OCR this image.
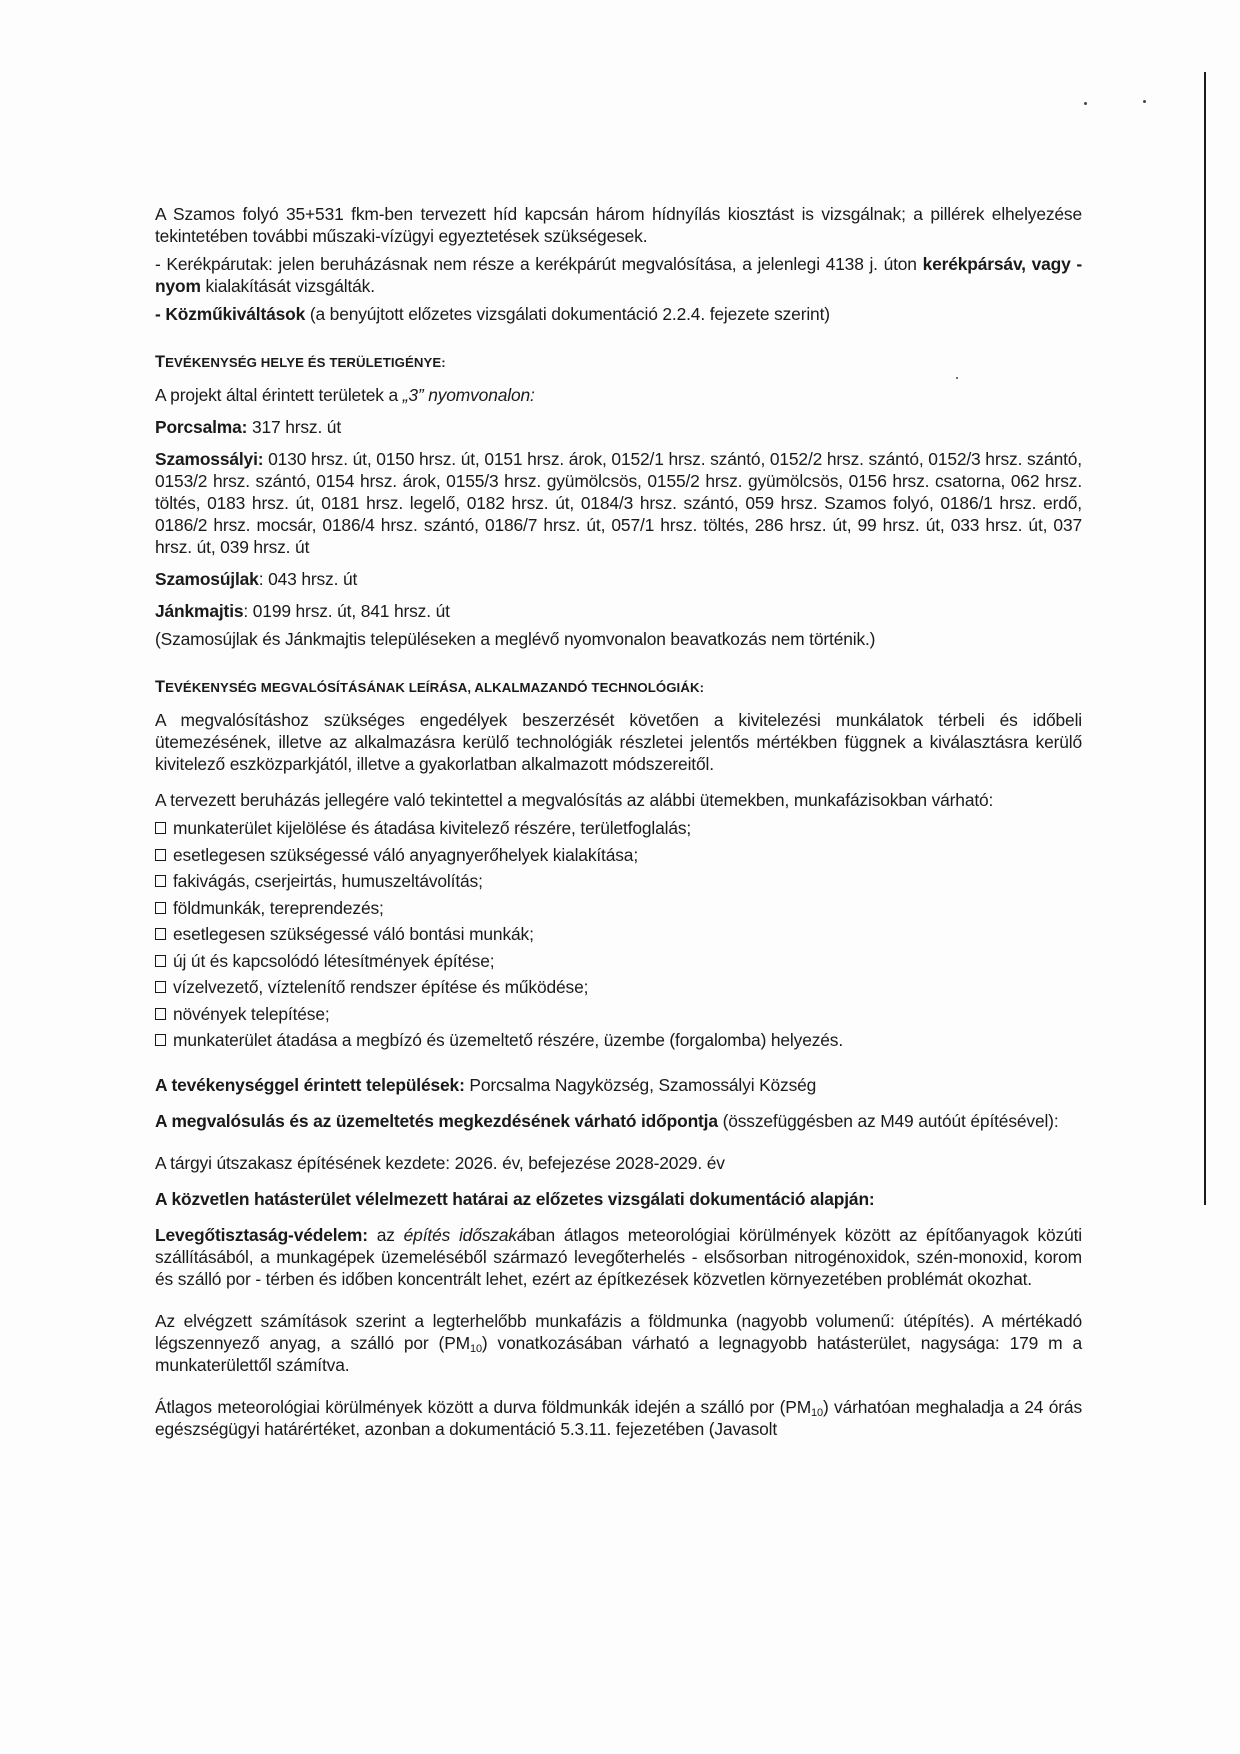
A Szamos folyó 35+531 fkm-ben tervezett híd kapcsán három hídnyílás kiosztást is vizsgálnak; a pillérek elhelyezése tekintetében további műszaki-vízügyi egyeztetések szükségesek.

- Kerékpárutak: jelen beruházásnak nem része a kerékpárút megvalósítása, a jelenlegi 4138 j. úton kerékpársáv, vagy -nyom kialakítását vizsgálták.

- Közműkiváltások (a benyújtott előzetes vizsgálati dokumentáció 2.2.4. fejezete szerint)

TEVÉKENYSÉG HELYE ÉS TERÜLETIGÉNYE:

A projekt által érintett területek a „3” nyomvonalon:

Porcsalma: 317 hrsz. út

Szamossályi: 0130 hrsz. út, 0150 hrsz. út, 0151 hrsz. árok, 0152/1 hrsz. szántó, 0152/2 hrsz. szántó, 0152/3 hrsz. szántó, 0153/2 hrsz. szántó, 0154 hrsz. árok, 0155/3 hrsz. gyümölcsös, 0155/2 hrsz. gyümölcsös, 0156 hrsz. csatorna, 062 hrsz. töltés, 0183 hrsz. út, 0181 hrsz. legelő, 0182 hrsz. út, 0184/3 hrsz. szántó, 059 hrsz. Szamos folyó, 0186/1 hrsz. erdő, 0186/2 hrsz. mocsár, 0186/4 hrsz. szántó, 0186/7 hrsz. út, 057/1 hrsz. töltés, 286 hrsz. út, 99 hrsz. út, 033 hrsz. út, 037 hrsz. út, 039 hrsz. út

Szamosújlak: 043 hrsz. út

Jánkmajtis: 0199 hrsz. út, 841 hrsz. út

(Szamosújlak és Jánkmajtis településeken a meglévő nyomvonalon beavatkozás nem történik.)

TEVÉKENYSÉG MEGVALÓSÍTÁSÁNAK LEÍRÁSA, ALKALMAZANDÓ TECHNOLÓGIÁK:

A megvalósításhoz szükséges engedélyek beszerzését követően a kivitelezési munkálatok térbeli és időbeli ütemezésének, illetve az alkalmazásra kerülő technológiák részletei jelentős mértékben függnek a kiválasztásra kerülő kivitelező eszközparkjától, illetve a gyakorlatban alkalmazott módszereitől.

A tervezett beruházás jellegére való tekintettel a megvalósítás az alábbi ütemekben, munkafázisokban várható:

munkaterület kijelölése és átadása kivitelező részére, területfoglalás;
esetlegesen szükségessé váló anyagnyerőhelyek kialakítása;
fakivágás, cserjeirtás, humuszeltávolítás;
földmunkák, tereprendezés;
esetlegesen szükségessé váló bontási munkák;
új út és kapcsolódó létesítmények építése;
vízelvezető, víztelenítő rendszer építése és működése;
növények telepítése;
munkaterület átadása a megbízó és üzemeltető részére, üzembe (forgalomba) helyezés.

A tevékenységgel érintett települések: Porcsalma Nagyközség, Szamossályi Község

A megvalósulás és az üzemeltetés megkezdésének várható időpontja (összefüggésben az M49 autóút építésével):

A tárgyi útszakasz építésének kezdete: 2026. év, befejezése 2028-2029. év

A közvetlen hatásterület vélelmezett határai az előzetes vizsgálati dokumentáció alapján:

Levegőtisztaság-védelem: az építés időszakában átlagos meteorológiai körülmények között az építőanyagok közúti szállításából, a munkagépek üzemeléséből származó levegőterhelés - elsősorban nitrogénoxidok, szén-monoxid, korom és szálló por - térben és időben koncentrált lehet, ezért az építkezések közvetlen környezetében problémát okozhat.

Az elvégzett számítások szerint a legterhelőbb munkafázis a földmunka (nagyobb volumenű: útépítés). A mértékadó légszennyező anyag, a szálló por $(PM_{10})$ vonatkozásában várható a legnagyobb hatásterület, nagysága: 179 m a munkaterülettől számítva.

Átlagos meteorológiai körülmények között a durva földmunkák idején a szálló por $(PM_{10})$ várhatóan meghaladja a 24 órás egészségügyi határértéket, azonban a dokumentáció 5.3.11. fejezetében (Javasolt
